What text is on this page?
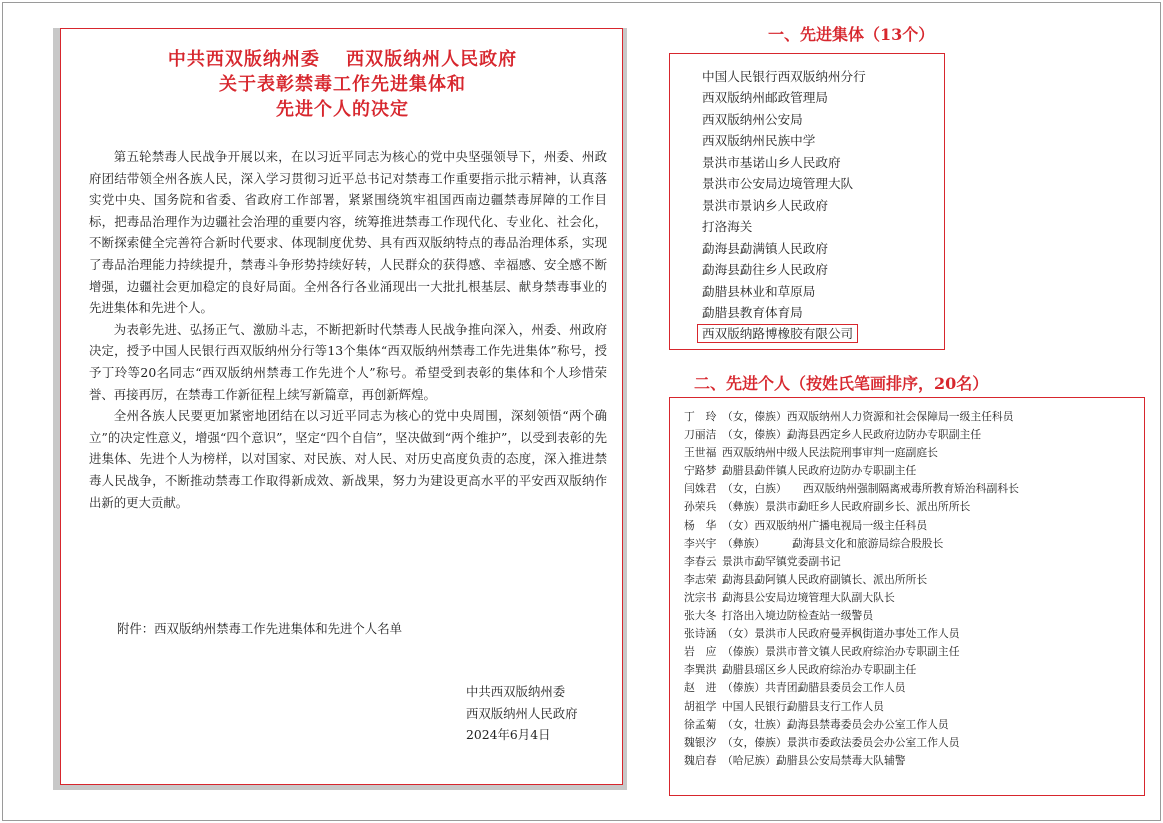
中共西双版纳州委　 西双版纳州人民政府
关于表彰禁毒工作先进集体和
先进个人的决定

第五轮禁毒人民战争开展以来，在以习近平同志为核心的党中央坚强领导下，州委、州政府团结带领全州各族人民，深入学习贯彻习近平总书记对禁毒工作重要指示批示精神，认真落实党中央、国务院和省委、省政府工作部署，紧紧围绕筑牢祖国西南边疆禁毒屏障的工作目标，把毒品治理作为边疆社会治理的重要内容，统筹推进禁毒工作现代化、专业化、社会化，不断探索健全完善符合新时代要求、体现制度优势、具有西双版纳特点的毒品治理体系，实现了毒品治理能力持续提升，禁毒斗争形势持续好转，人民群众的获得感、幸福感、安全感不断增强，边疆社会更加稳定的良好局面。全州各行各业涌现出一大批扎根基层、献身禁毒事业的先进集体和先进个人。

为表彰先进、弘扬正气、激励斗志，不断把新时代禁毒人民战争推向深入，州委、州政府决定，授予中国人民银行西双版纳州分行等13个集体“西双版纳州禁毒工作先进集体”称号，授予丁玲等20名同志“西双版纳州禁毒工作先进个人”称号。希望受到表彰的集体和个人珍惜荣誉、再接再厉，在禁毒工作新征程上续写新篇章，再创新辉煌。

全州各族人民要更加紧密地团结在以习近平同志为核心的党中央周围，深刻领悟“两个确立”的决定性意义，增强“四个意识”，坚定“四个自信”，坚决做到“两个维护”，以受到表彰的先进集体、先进个人为榜样，以对国家、对民族、对人民、对历史高度负责的态度，深入推进禁毒人民战争，不断推动禁毒工作取得新成效、新战果，努力为建设更高水平的平安西双版纳作出新的更大贡献。

附件：西双版纳州禁毒工作先进集体和先进个人名单
中共西双版纳州委
西双版纳州人民政府
2024年6月4日
一、先进集体（13个）
中国人民银行西双版纳州分行
西双版纳州邮政管理局
西双版纳州公安局
西双版纳州民族中学
景洪市基诺山乡人民政府
景洪市公安局边境管理大队
景洪市景讷乡人民政府
打洛海关
勐海县勐满镇人民政府
勐海县勐往乡人民政府
勐腊县林业和草原局
勐腊县教育体育局
西双版纳路博橡胶有限公司
二、先进个人（按姓氏笔画排序，20名）
丁　玲 （女，傣族）西双版纳州人力资源和社会保障局一级主任科员
刀丽洁 （女，傣族）勐海县西定乡人民政府边防办专职副主任
王世福 西双版纳州中级人民法院刑事审判一庭副庭长
宁路梦 勐腊县勐伴镇人民政府边防办专职副主任
闫姝君 （女，白族）　　西双版纳州强制隔离戒毒所教育矫治科副科长
孙荣兵 （彝族）景洪市勐旺乡人民政府副乡长、派出所所长
杨　华 （女）西双版纳州广播电视局一级主任科员
李兴宇 （彝族）　　　勐海县文化和旅游局综合股股长
李春云 景洪市勐罕镇党委副书记
李志荣 勐海县勐阿镇人民政府副镇长、派出所所长
沈宗书 勐海县公安局边境管理大队副大队长
张大冬 打洛出入境边防检查站一级警员
张诗涵 （女）景洪市人民政府曼弄枫街道办事处工作人员
岩　应 （傣族）景洪市普文镇人民政府综治办专职副主任
李巽洪 勐腊县瑶区乡人民政府综治办专职副主任
赵　进 （傣族）共青团勐腊县委员会工作人员
胡祖学 中国人民银行勐腊县支行工作人员
徐孟菊 （女，壮族）勐海县禁毒委员会办公室工作人员
魏银汐 （女，傣族）景洪市委政法委员会办公室工作人员
魏启春 （哈尼族）勐腊县公安局禁毒大队辅警
